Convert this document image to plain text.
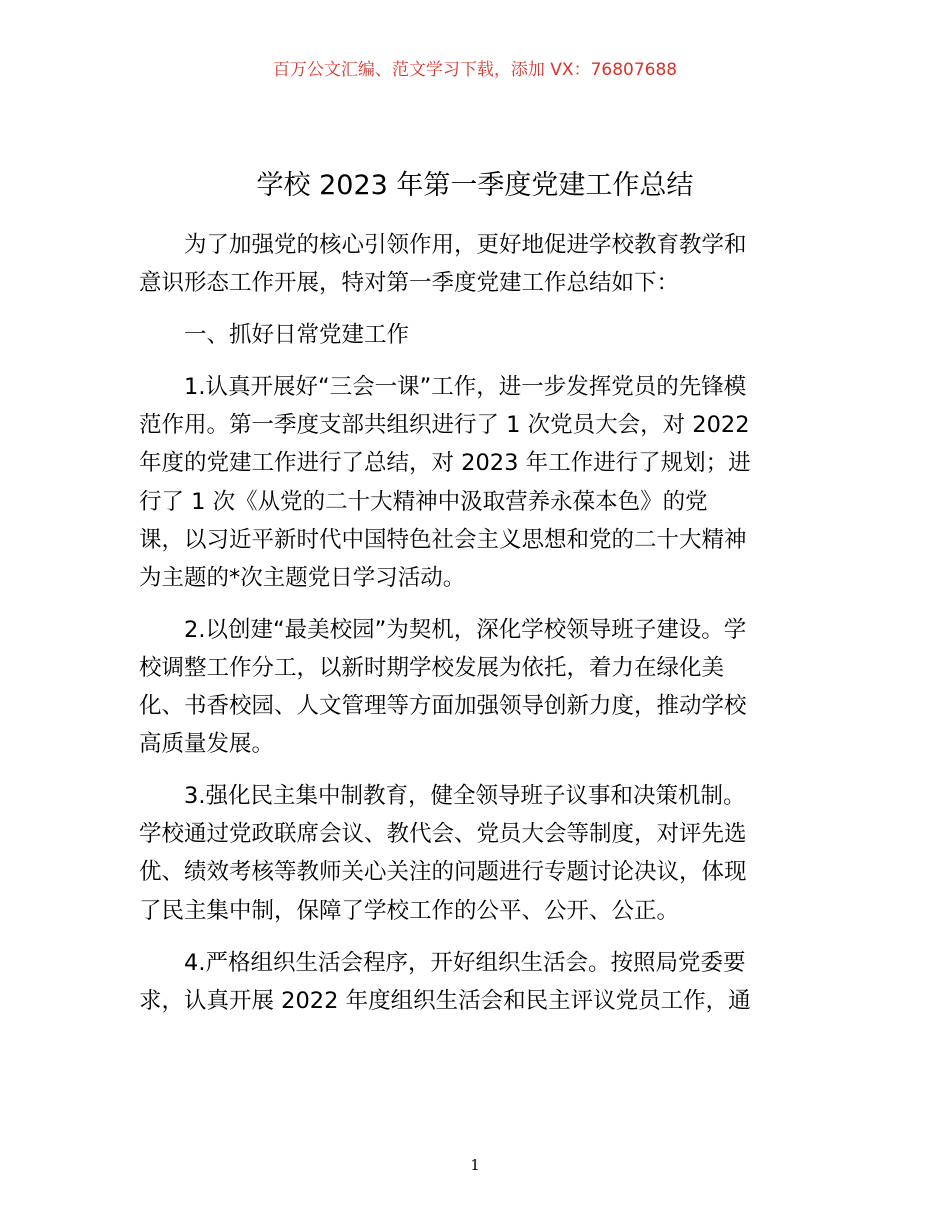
百万公文汇编、范文学习下载，添加 VX：76807688
学校 2023 年第一季度党建工作总结

为了加强党的核心引领作用，更好地促进学校教育教学和
意识形态工作开展，特对第一季度党建工作总结如下：

一、抓好日常党建工作

1.认真开展好“三会一课”工作，进一步发挥党员的先锋模
范作用。第一季度支部共组织进行了 1 次党员大会，对 2022
年度的党建工作进行了总结，对 2023 年工作进行了规划；进
行了 1 次《从党的二十大精神中汲取营养永葆本色》的党
课，以习近平新时代中国特色社会主义思想和党的二十大精神
为主题的*次主题党日学习活动。

2.以创建“最美校园”为契机，深化学校领导班子建设。学
校调整工作分工，以新时期学校发展为依托，着力在绿化美
化、书香校园、人文管理等方面加强领导创新力度，推动学校
高质量发展。

3.强化民主集中制教育，健全领导班子议事和决策机制。
学校通过党政联席会议、教代会、党员大会等制度，对评先选
优、绩效考核等教师关心关注的问题进行专题讨论决议，体现
了民主集中制，保障了学校工作的公平、公开、公正。

4.严格组织生活会程序，开好组织生活会。按照局党委要
求，认真开展 2022 年度组织生活会和民主评议党员工作，通

1
